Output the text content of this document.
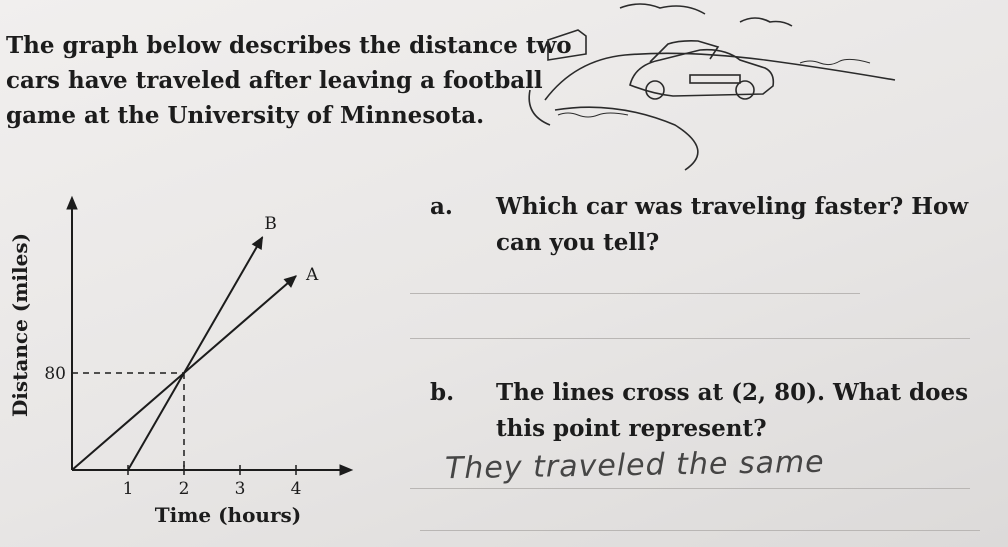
The graph below describes the distance two
cars have traveled after leaving a football
game at the University of Minnesota.
1	2	3	4
80
A
B
Time (hours)
Distance (miles)
a. Which car was traveling faster? How
can you tell?
b. The lines cross at (2, 80). What does
this point represent?
They traveled the same
